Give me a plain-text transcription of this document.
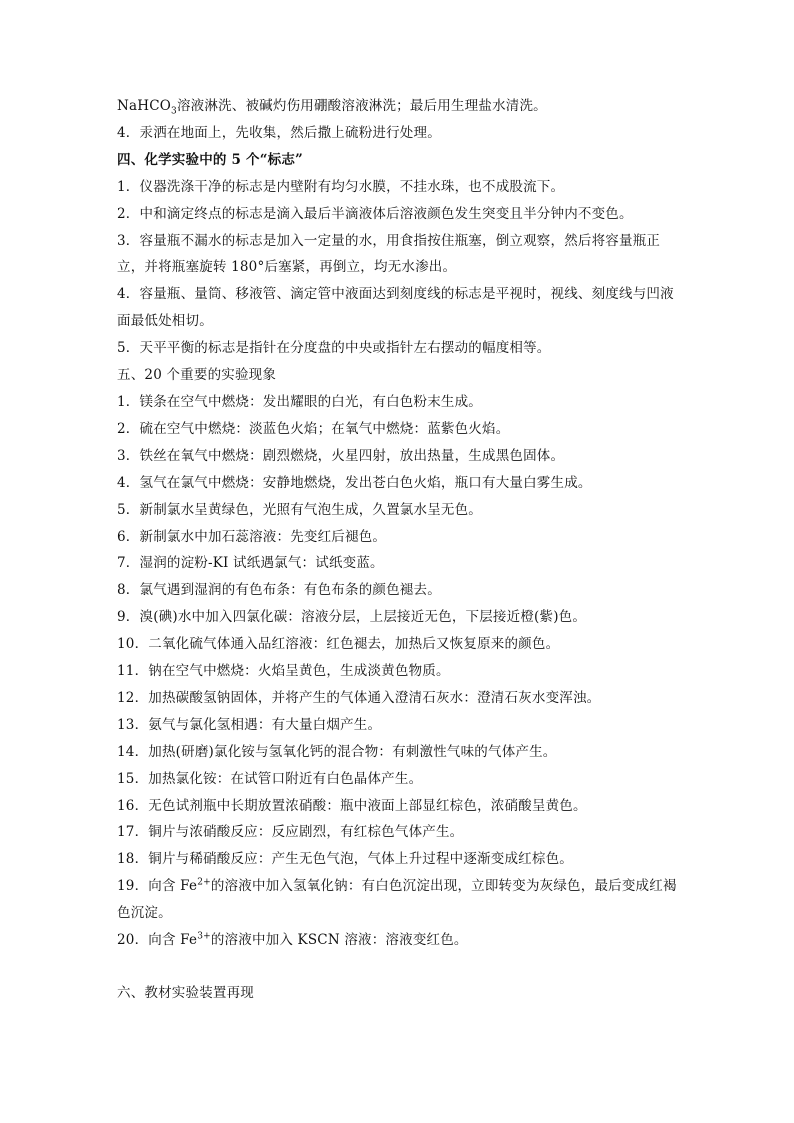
NaHCO$_3$溶液淋洗、被碱灼伤用硼酸溶液淋洗；最后用生理盐水清洗。

4．汞洒在地面上，先收集，然后撒上硫粉进行处理。

四、化学实验中的 5 个“标志”

1．仪器洗涤干净的标志是内壁附有均匀水膜，不挂水珠，也不成股流下。

2．中和滴定终点的标志是滴入最后半滴液体后溶液颜色发生突变且半分钟内不变色。

3．容量瓶不漏水的标志是加入一定量的水，用食指按住瓶塞，倒立观察，然后将容量瓶正立，并将瓶塞旋转 180°后塞紧，再倒立，均无水渗出。

4．容量瓶、量筒、移液管、滴定管中液面达到刻度线的标志是平视时，视线、刻度线与凹液面最低处相切。

5．天平平衡的标志是指针在分度盘的中央或指针左右摆动的幅度相等。

五、20 个重要的实验现象

1．镁条在空气中燃烧：发出耀眼的白光，有白色粉末生成。

2．硫在空气中燃烧：淡蓝色火焰；在氧气中燃烧：蓝紫色火焰。

3．铁丝在氧气中燃烧：剧烈燃烧，火星四射，放出热量，生成黑色固体。

4．氢气在氯气中燃烧：安静地燃烧，发出苍白色火焰，瓶口有大量白雾生成。

5．新制氯水呈黄绿色，光照有气泡生成，久置氯水呈无色。

6．新制氯水中加石蕊溶液：先变红后褪色。

7．湿润的淀粉-KI 试纸遇氯气：试纸变蓝。

8．氯气遇到湿润的有色布条：有色布条的颜色褪去。

9．溴(碘)水中加入四氯化碳：溶液分层，上层接近无色，下层接近橙(紫)色。

10．二氧化硫气体通入品红溶液：红色褪去，加热后又恢复原来的颜色。

11．钠在空气中燃烧：火焰呈黄色，生成淡黄色物质。

12．加热碳酸氢钠固体，并将产生的气体通入澄清石灰水：澄清石灰水变浑浊。

13．氨气与氯化氢相遇：有大量白烟产生。

14．加热(研磨)氯化铵与氢氧化钙的混合物：有刺激性气味的气体产生。

15．加热氯化铵：在试管口附近有白色晶体产生。

16．无色试剂瓶中长期放置浓硝酸：瓶中液面上部显红棕色，浓硝酸呈黄色。

17．铜片与浓硝酸反应：反应剧烈，有红棕色气体产生。

18．铜片与稀硝酸反应：产生无色气泡，气体上升过程中逐渐变成红棕色。

19．向含 $Fe^{2+}$的溶液中加入氢氧化钠：有白色沉淀出现，立即转变为灰绿色，最后变成红褐色沉淀。

20．向含 $Fe^{3+}$的溶液中加入 KSCN 溶液：溶液变红色。

六、教材实验装置再现
